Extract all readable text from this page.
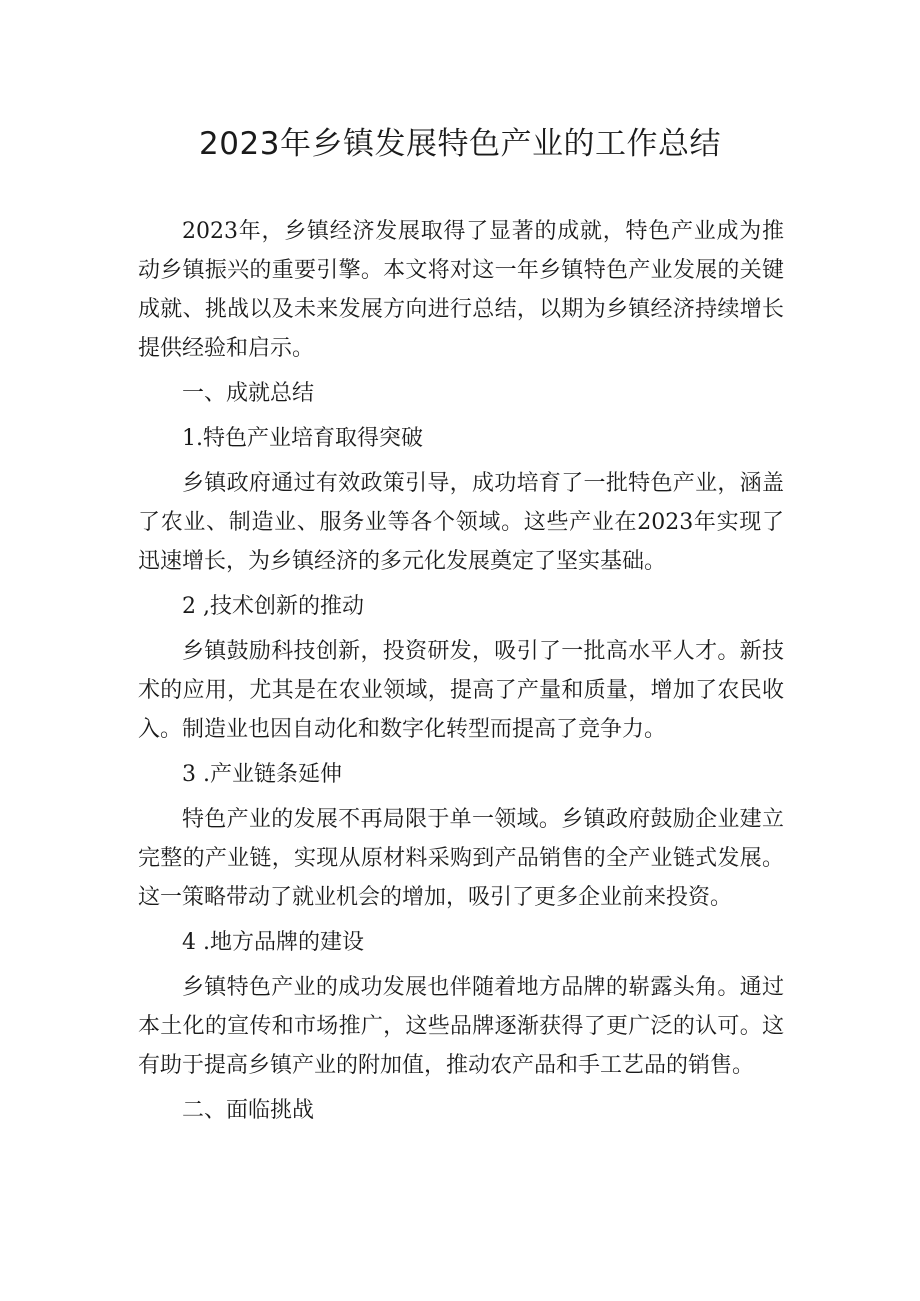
2023年乡镇发展特色产业的工作总结

2023年，乡镇经济发展取得了显著的成就，特色产业成为推动乡镇振兴的重要引擎。本文将对这一年乡镇特色产业发展的关键成就、挑战以及未来发展方向进行总结，以期为乡镇经济持续增长提供经验和启示。

一、成就总结

1.特色产业培育取得突破

乡镇政府通过有效政策引导，成功培育了一批特色产业，涵盖了农业、制造业、服务业等各个领域。这些产业在2023年实现了迅速增长，为乡镇经济的多元化发展奠定了坚实基础。

2 ,技术创新的推动

乡镇鼓励科技创新，投资研发，吸引了一批高水平人才。新技术的应用，尤其是在农业领域，提高了产量和质量，增加了农民收入。制造业也因自动化和数字化转型而提高了竞争力。

3 .产业链条延伸

特色产业的发展不再局限于单一领域。乡镇政府鼓励企业建立完整的产业链，实现从原材料采购到产品销售的全产业链式发展。这一策略带动了就业机会的增加，吸引了更多企业前来投资。

4 .地方品牌的建设

乡镇特色产业的成功发展也伴随着地方品牌的崭露头角。通过本土化的宣传和市场推广，这些品牌逐渐获得了更广泛的认可。这有助于提高乡镇产业的附加值，推动农产品和手工艺品的销售。

二、面临挑战
